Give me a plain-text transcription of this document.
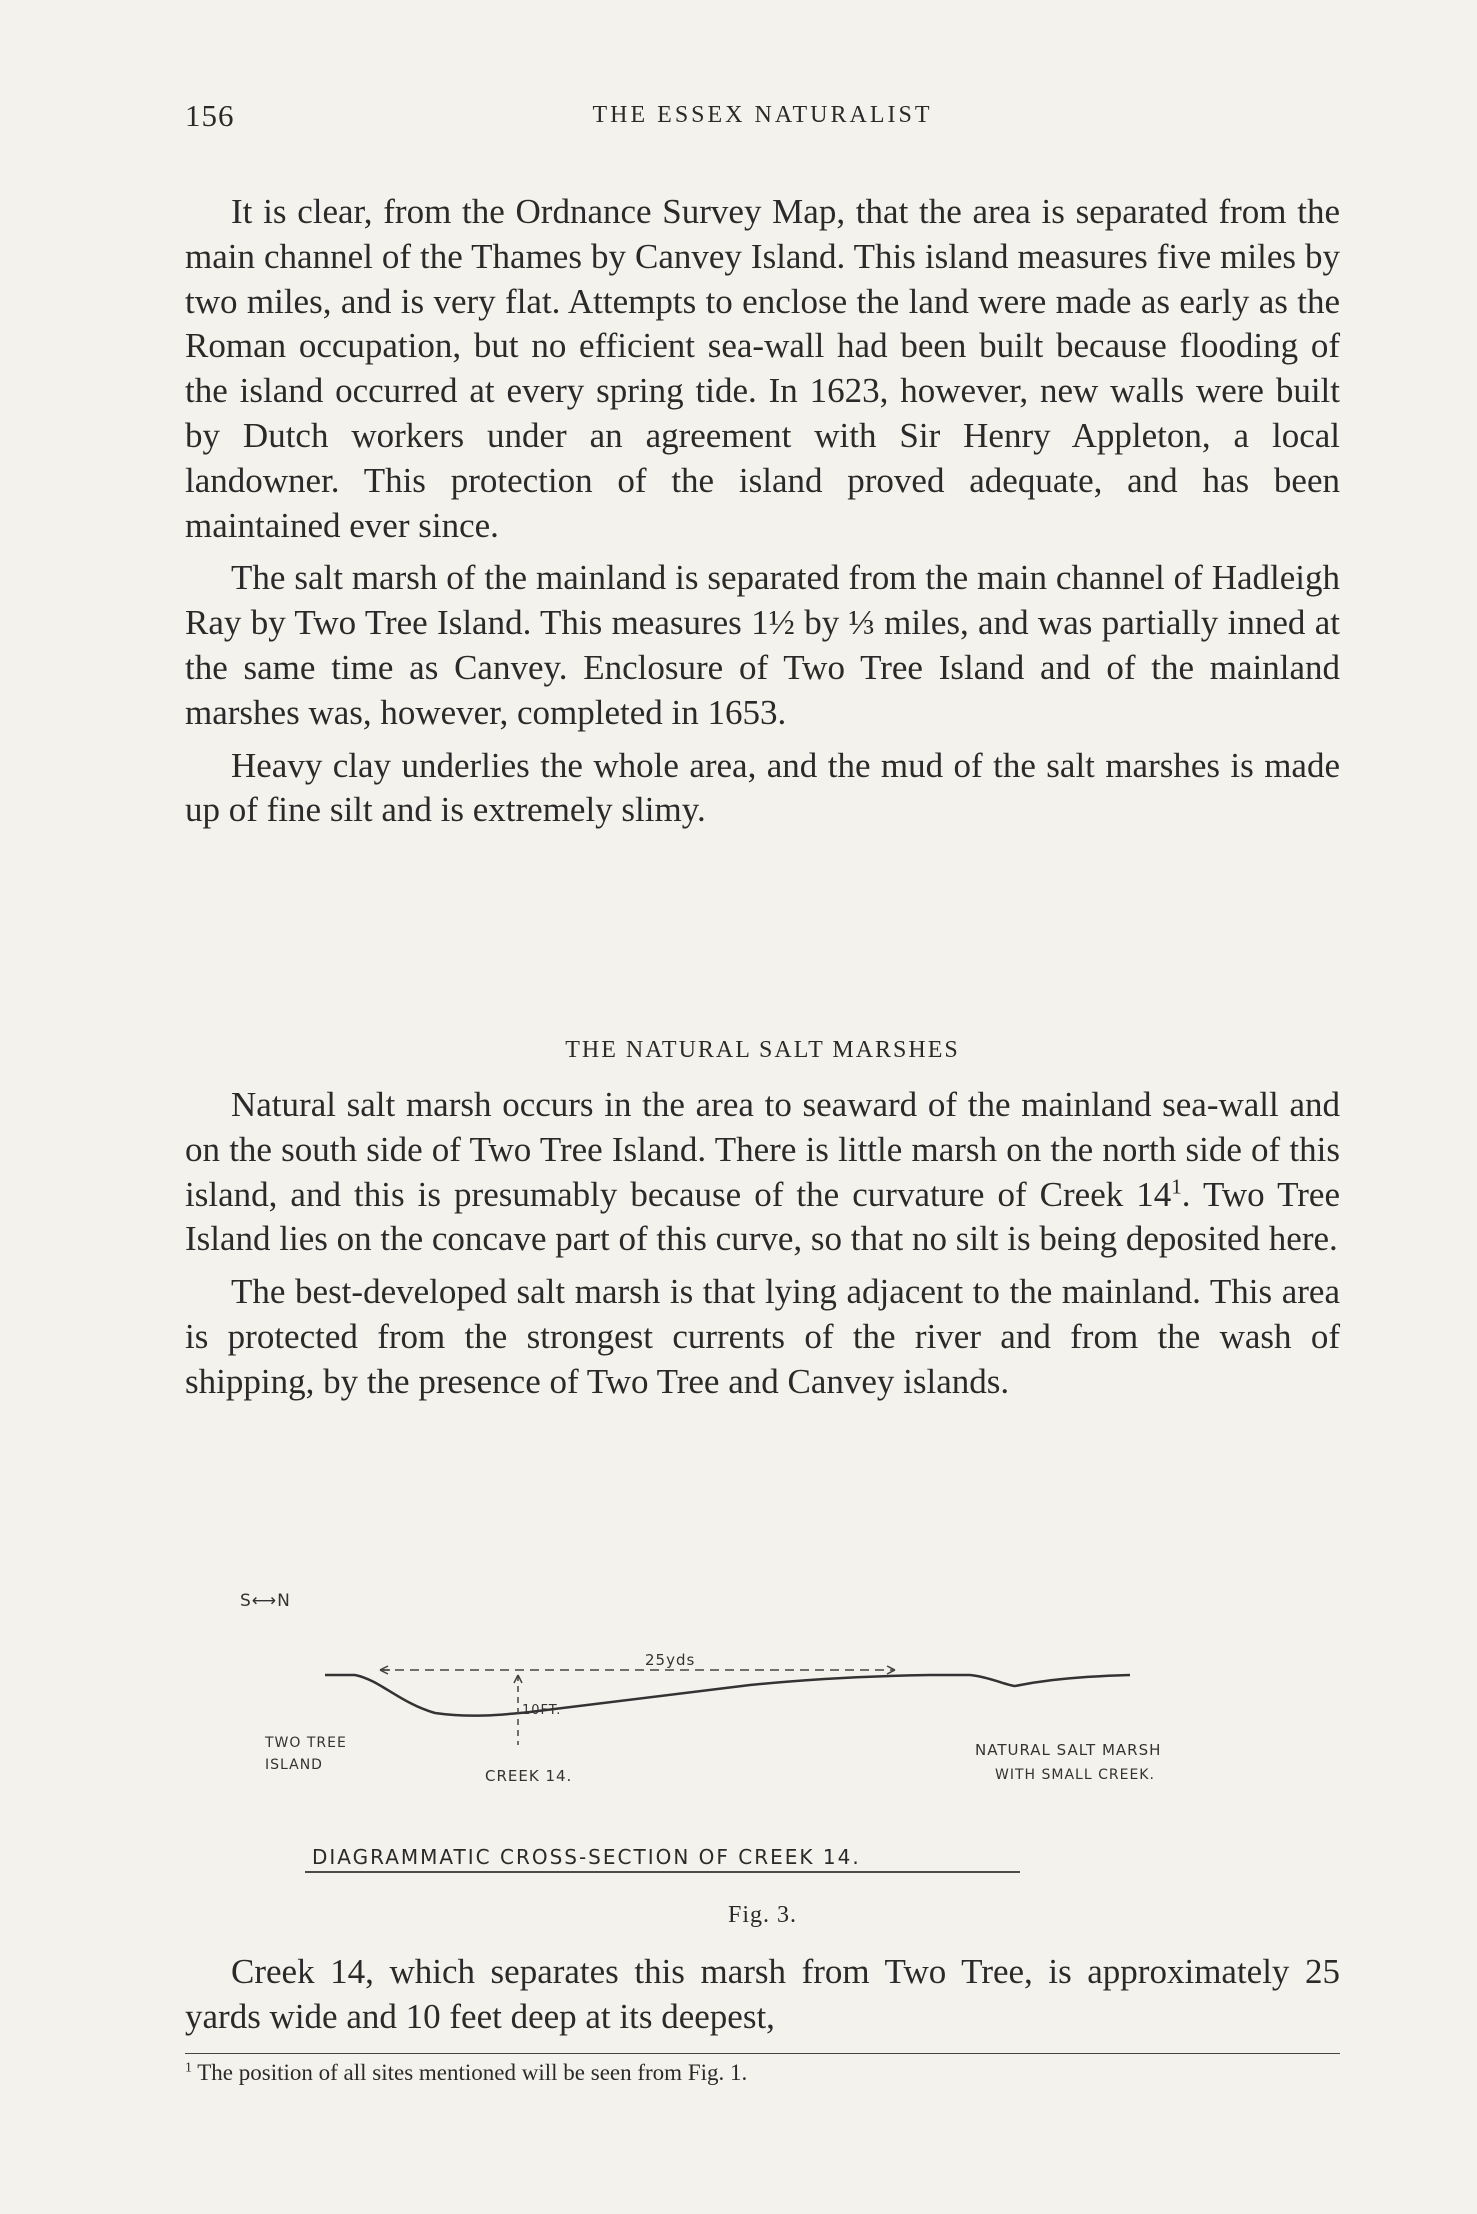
156	THE ESSEX NATURALIST

It is clear, from the Ordnance Survey Map, that the area is separated from the main channel of the Thames by Canvey Island. This island measures five miles by two miles, and is very flat. Attempts to enclose the land were made as early as the Roman occupation, but no efficient sea-wall had been built because flooding of the island occurred at every spring tide. In 1623, however, new walls were built by Dutch workers under an agreement with Sir Henry Appleton, a local landowner. This protection of the island proved adequate, and has been maintained ever since.

The salt marsh of the mainland is separated from the main channel of Hadleigh Ray by Two Tree Island. This measures 1½ by ⅓ miles, and was partially inned at the same time as Canvey. Enclosure of Two Tree Island and of the mainland marshes was, however, completed in 1653.

Heavy clay underlies the whole area, and the mud of the salt marshes is made up of fine silt and is extremely slimy.

THE NATURAL SALT MARSHES

Natural salt marsh occurs in the area to seaward of the mainland sea-wall and on the south side of Two Tree Island. There is little marsh on the north side of this island, and this is presumably because of the curvature of Creek $14^1$. Two Tree Island lies on the concave part of this curve, so that no silt is being deposited here.

The best-developed salt marsh is that lying adjacent to the mainland. This area is protected from the strongest currents of the river and from the wash of shipping, by the presence of Two Tree and Canvey islands.

S⟷N
25yds
10FT.
TWO TREE
ISLAND
CREEK 14.
NATURAL SALT MARSH
WITH SMALL CREEK.
DIAGRAMMATIC CROSS-SECTION OF CREEK 14.
Fig. 3.

Creek 14, which separates this marsh from Two Tree, is approximately 25 yards wide and 10 feet deep at its deepest,

$^1$ The position of all sites mentioned will be seen from Fig. 1.
